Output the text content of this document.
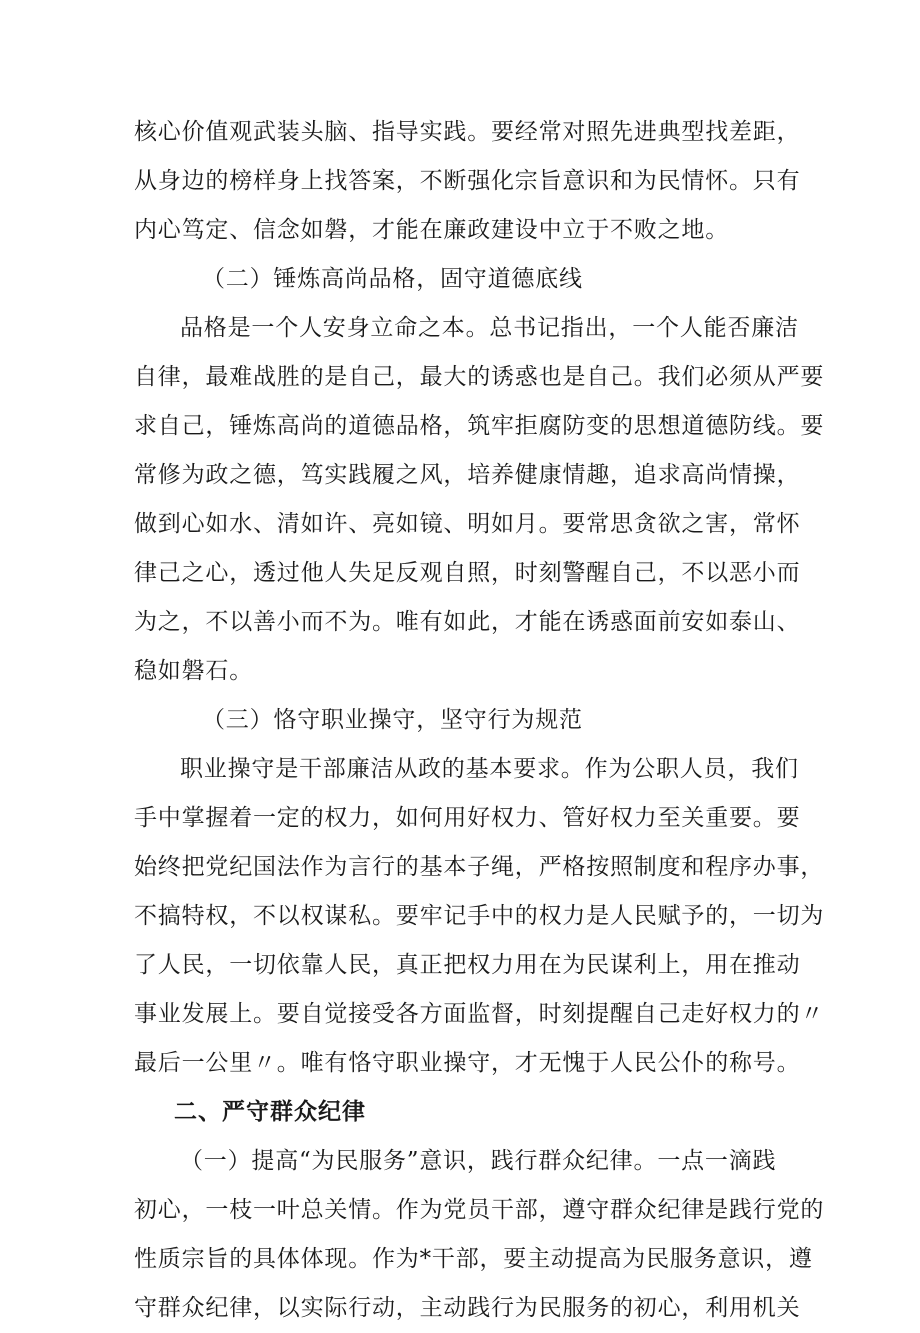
核心价值观武装头脑、指导实践。要经常对照先进典型找差距，
从身边的榜样身上找答案，不断强化宗旨意识和为民情怀。只有
内心笃定、信念如磐，才能在廉政建设中立于不败之地。
（二）锤炼高尚品格，固守道德底线
品格是一个人安身立命之本。总书记指出，一个人能否廉洁
自律，最难战胜的是自己，最大的诱惑也是自己。我们必须从严要
求自己，锤炼高尚的道德品格，筑牢拒腐防变的思想道德防线。要
常修为政之德，笃实践履之风，培养健康情趣，追求高尚情操，
做到心如水、清如许、亮如镜、明如月。要常思贪欲之害，常怀
律己之心，透过他人失足反观自照，时刻警醒自己，不以恶小而
为之，不以善小而不为。唯有如此，才能在诱惑面前安如泰山、
稳如磐石。
（三）恪守职业操守，坚守行为规范
职业操守是干部廉洁从政的基本要求。作为公职人员，我们
手中掌握着一定的权力，如何用好权力、管好权力至关重要。要
始终把党纪国法作为言行的基本子绳，严格按照制度和程序办事，
不搞特权，不以权谋私。要牢记手中的权力是人民赋予的，一切为
了人民，一切依靠人民，真正把权力用在为民谋利上，用在推动
事业发展上。要自觉接受各方面监督，时刻提醒自己走好权力的〃
最后一公里〃。唯有恪守职业操守，才无愧于人民公仆的称号。
二、严守群众纪律
（一）提高“为民服务”意识，践行群众纪律。一点一滴践
初心，一枝一叶总关情。作为党员干部，遵守群众纪律是践行党的
性质宗旨的具体体现。作为*干部，要主动提高为民服务意识，遵
守群众纪律，以实际行动，主动践行为民服务的初心，利用机关
